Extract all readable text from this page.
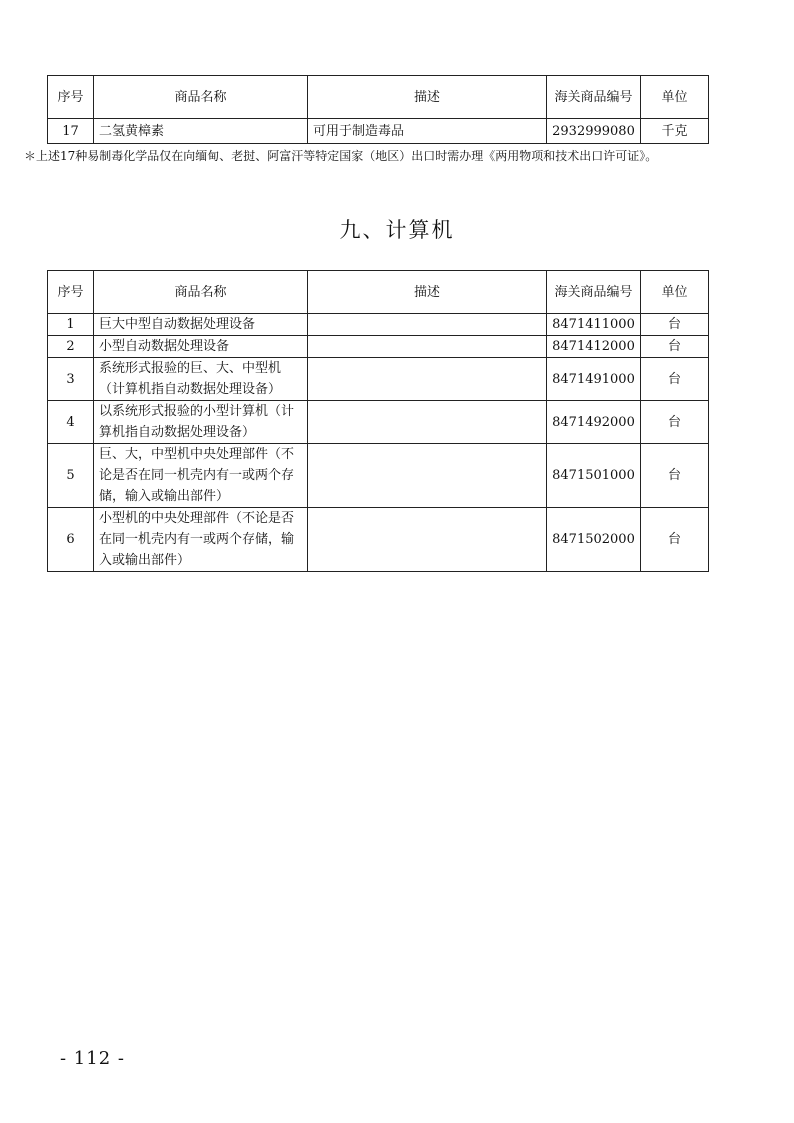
序号	商品名称	描述	海关商品编号	单位
17	二氢黄樟素	可用于制造毒品	2932999080	千克
＊上述17种易制毒化学品仅在向缅甸、老挝、阿富汗等特定国家（地区）出口时需办理《两用物项和技术出口许可证》。
九、计算机
序号	商品名称	描述	海关商品编号	单位
1	巨大中型自动数据处理设备		8471411000	台
2	小型自动数据处理设备		8471412000	台
3	系统形式报验的巨、大、中型机（计算机指自动数据处理设备）		8471491000	台
4	以系统形式报验的小型计算机（计算机指自动数据处理设备）		8471492000	台
5	巨、大，中型机中央处理部件（不论是否在同一机壳内有一或两个存储，输入或输出部件）		8471501000	台
6	小型机的中央处理部件（不论是否在同一机壳内有一或两个存储，输入或输出部件）		8471502000	台
- 112 -
